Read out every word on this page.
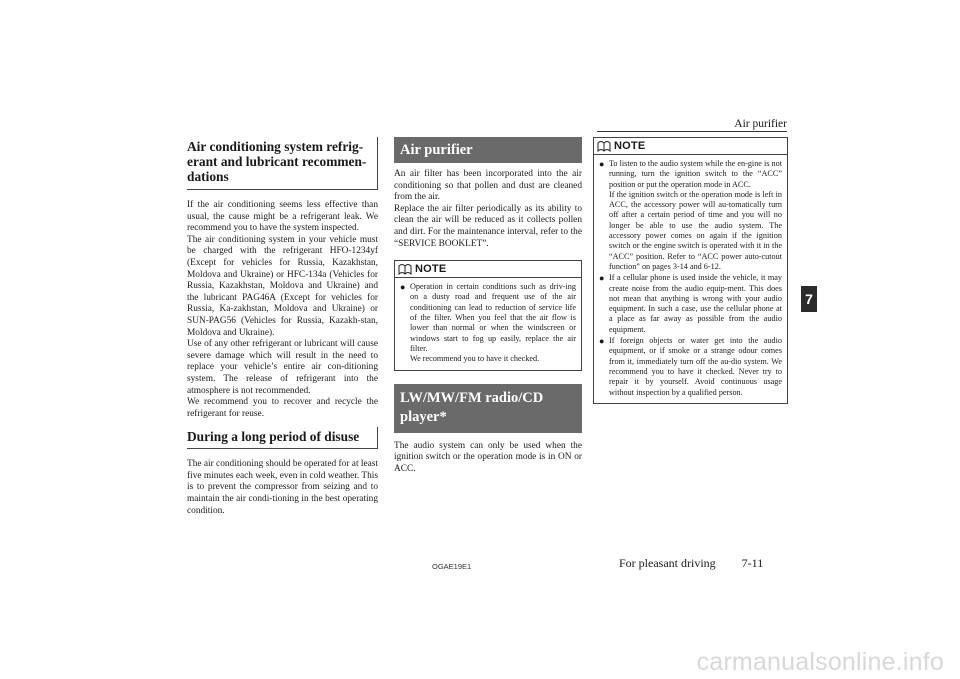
Air purifier
7
Air conditioning system refrig-erant and lubricant recommen-dations

If the air conditioning seems less effective than usual, the cause might be a refrigerant leak. We recommend you to have the system inspected.

The air conditioning system in your vehicle must be charged with the refrigerant HFO-1234yf (Except for vehicles for Russia, Kazakhstan, Moldova and Ukraine) or HFC-134a (Vehicles for Russia, Kazakhstan, Moldova and Ukraine) and the lubricant PAG46A (Except for vehicles for Russia, Ka-zakhstan, Moldova and Ukraine) or SUN-PAG56 (Vehicles for Russia, Kazakh-stan, Moldova and Ukraine).

Use of any other refrigerant or lubricant will cause severe damage which will result in the need to replace your vehicle’s entire air con-ditioning system. The release of refrigerant into the atmosphere is not recommended.

We recommend you to recover and recycle the refrigerant for reuse.

During a long period of disuse

The air conditioning should be operated for at least five minutes each week, even in cold weather. This is to prevent the compressor from seizing and to maintain the air condi-tioning in the best operating condition.

Air purifier

An air filter has been incorporated into the air conditioning so that pollen and dust are cleaned from the air.

Replace the air filter periodically as its ability to clean the air will be reduced as it collects pollen and dirt. For the maintenance interval, refer to the “SERVICE BOOKLET”.

NOTE
● Operation in certain conditions such as driv-ing on a dusty road and frequent use of the air conditioning can lead to reduction of service life of the filter. When you feel that the air flow is lower than normal or when the windscreen or windows start to fog up easily, replace the air filter.

We recommend you to have it checked.

LW/MW/FM radio/CD player*

The audio system can only be used when the ignition switch or the operation mode is in ON or ACC.

NOTE
● To listen to the audio system while the en-gine is not running, turn the ignition switch to the “ACC” position or put the operation mode in ACC.

If the ignition switch or the operation mode is left in ACC, the accessory power will au-tomatically turn off after a certain period of time and you will no longer be able to use the audio system. The accessory power comes on again if the ignition switch or the engine switch is operated with it in the “ACC” position. Refer to “ACC power auto-cutout function” on pages 3-14 and 6-12.

● If a cellular phone is used inside the vehicle, it may create noise from the audio equip-ment. This does not mean that anything is wrong with your audio equipment. In such a case, use the cellular phone at a place as far away as possible from the audio equipment.

● If foreign objects or water get into the audio equipment, or if smoke or a strange odour comes from it, immediately turn off the au-dio system. We recommend you to have it checked. Never try to repair it by yourself. Avoid continuous usage without inspection by a qualified person.

OGAE19E1	For pleasant driving 7-11
carmanualsonline.info
